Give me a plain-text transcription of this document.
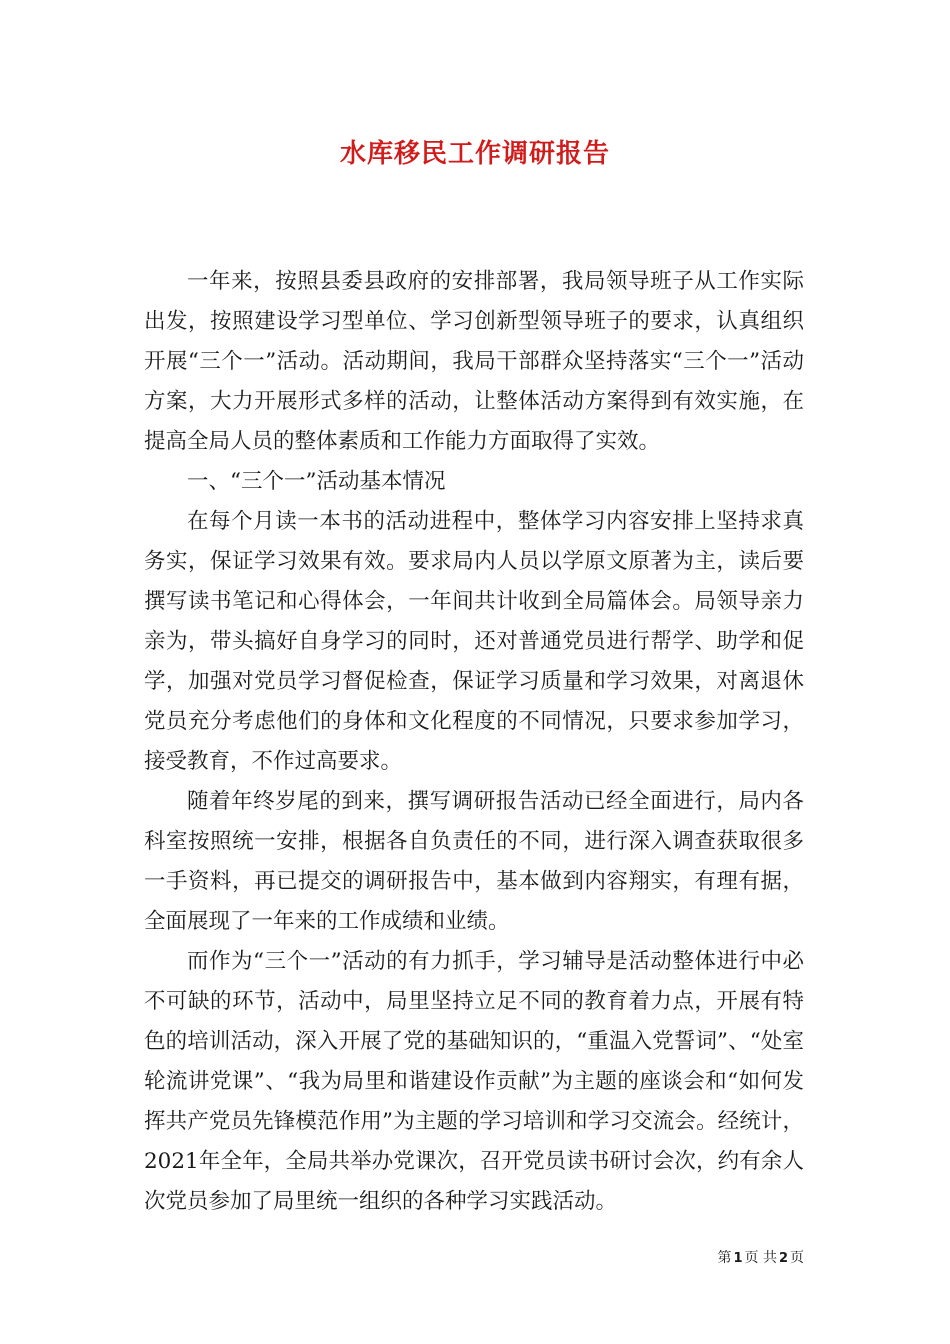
水库移民工作调研报告

一年来，按照县委县政府的安排部署，我局领导班子从工作实际出发，按照建设学习型单位、学习创新型领导班子的要求，认真组织开展“三个一”活动。活动期间，我局干部群众坚持落实“三个一”活动方案，大力开展形式多样的活动，让整体活动方案得到有效实施，在提高全局人员的整体素质和工作能力方面取得了实效。

一、“三个一”活动基本情况

在每个月读一本书的活动进程中，整体学习内容安排上坚持求真务实，保证学习效果有效。要求局内人员以学原文原著为主，读后要撰写读书笔记和心得体会，一年间共计收到全局篇体会。局领导亲力亲为，带头搞好自身学习的同时，还对普通党员进行帮学、助学和促学，加强对党员学习督促检查，保证学习质量和学习效果，对离退休党员充分考虑他们的身体和文化程度的不同情况，只要求参加学习，接受教育，不作过高要求。

随着年终岁尾的到来，撰写调研报告活动已经全面进行，局内各科室按照统一安排，根据各自负责任的不同，进行深入调查获取很多一手资料，再已提交的调研报告中，基本做到内容翔实，有理有据，全面展现了一年来的工作成绩和业绩。

而作为“三个一”活动的有力抓手，学习辅导是活动整体进行中必不可缺的环节，活动中，局里坚持立足不同的教育着力点，开展有特色的培训活动，深入开展了党的基础知识的，“重温入党誓词”、“处室轮流讲党课”、“我为局里和谐建设作贡献”为主题的座谈会和“如何发挥共产党员先锋模范作用”为主题的学习培训和学习交流会。经统计，2021年全年，全局共举办党课次，召开党员读书研讨会次，约有余人次党员参加了局里统一组织的各种学习实践活动。

第 1 页 共 2 页
